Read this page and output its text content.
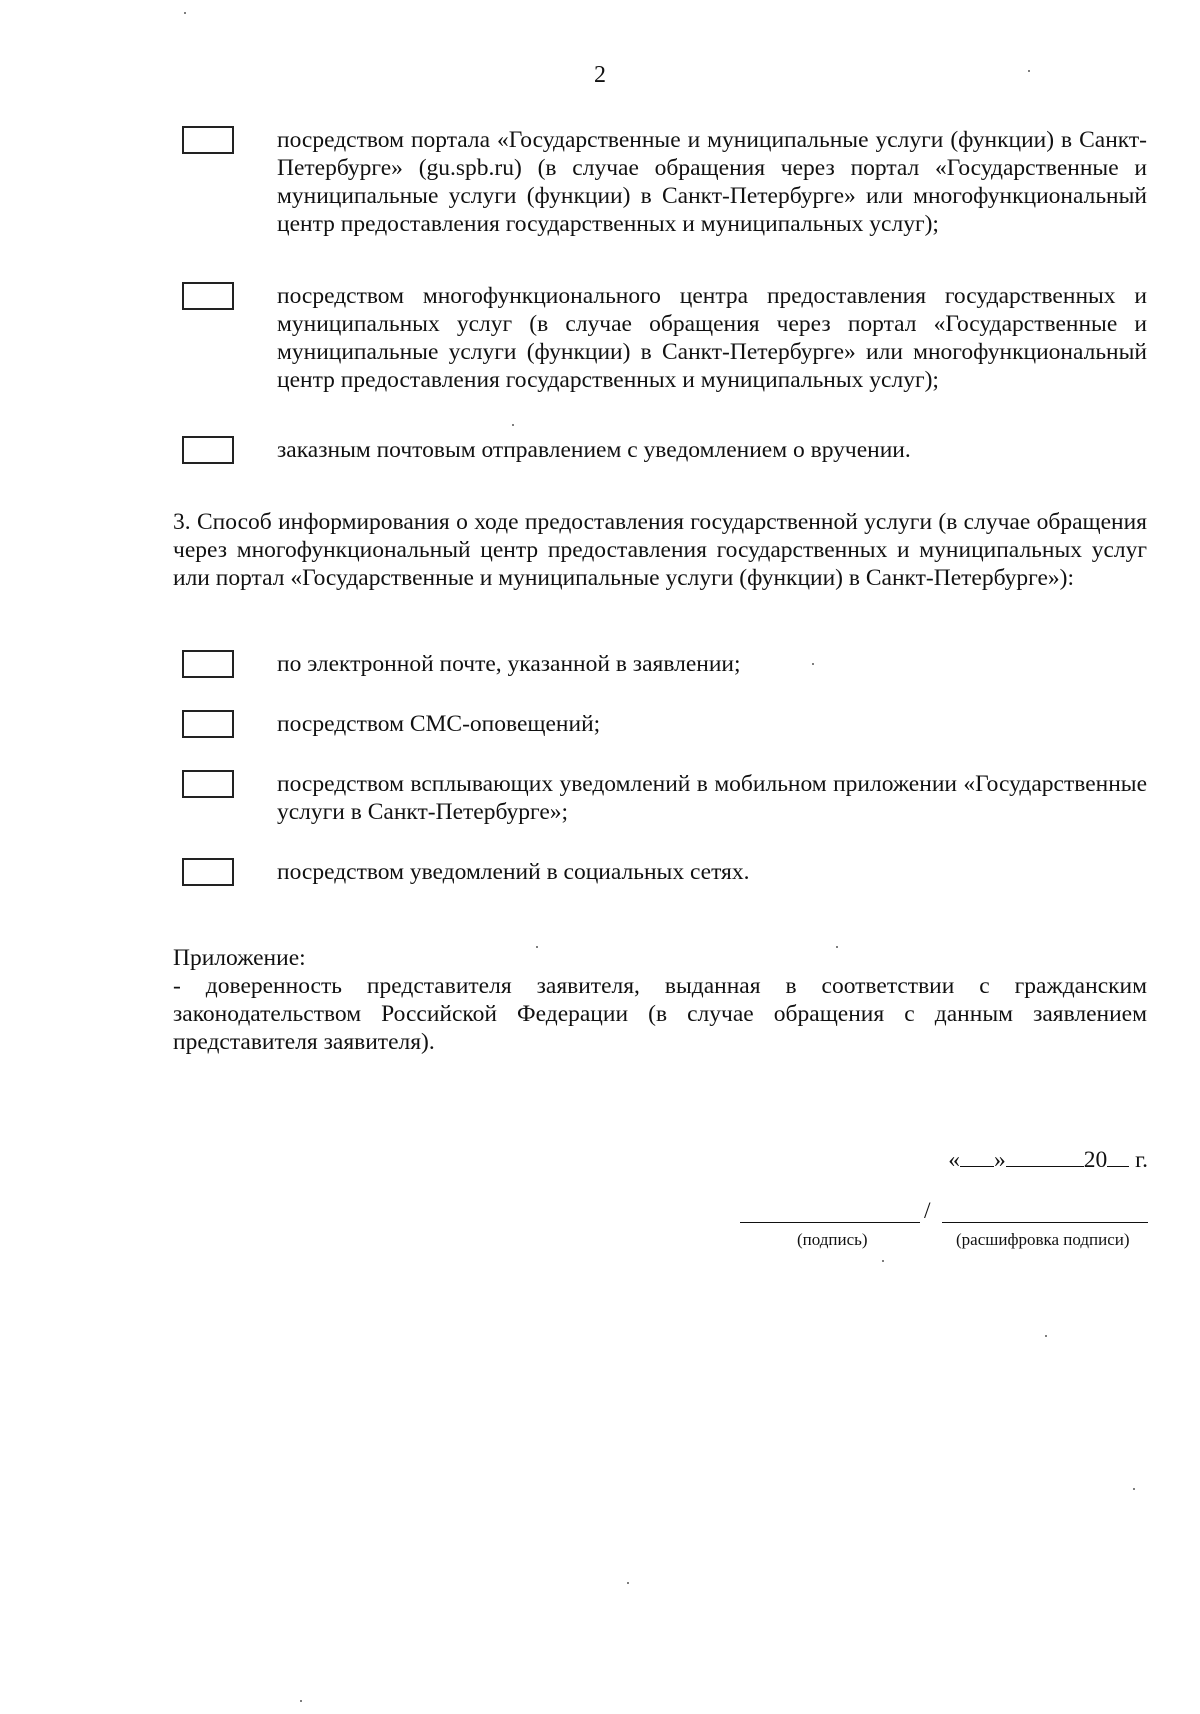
2
посредством портала «Государственные и муниципальные услуги (функции) в Санкт-Петербурге» (gu.spb.ru) (в случае обращения через портал «Государственные и муниципальные услуги (функции) в Санкт-Петербурге» или многофункциональный центр предоставления государственных и муниципальных услуг);
посредством многофункционального центра предоставления государственных и муниципальных услуг (в случае обращения через портал «Государственные и муниципальные услуги (функции) в Санкт-Петербурге» или многофункциональный центр предоставления государственных и муниципальных услуг);
заказным почтовым отправлением с уведомлением о вручении.
3. Способ информирования о ходе предоставления государственной услуги (в случае обращения через многофункциональный центр предоставления государственных и муниципальных услуг или портал «Государственные и муниципальные услуги (функции) в Санкт-Петербурге»):
по электронной почте, указанной в заявлении;
посредством СМС-оповещений;
посредством всплывающих уведомлений в мобильном приложении «Государственные услуги в Санкт-Петербурге»;
посредством уведомлений в социальных сетях.
Приложение:
- доверенность представителя заявителя, выданная в соответствии с гражданским законодательством Российской Федерации (в случае обращения с данным заявлением представителя заявителя).
« »	20 г.
/
(подпись)	(расшифровка подписи)
